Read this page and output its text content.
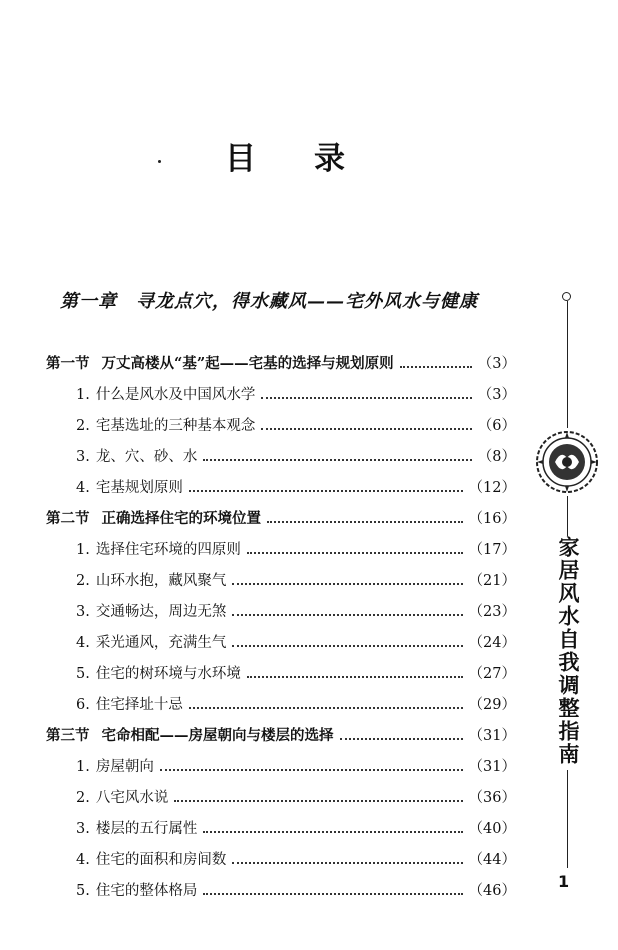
目 录
第一章　寻龙点穴，得水藏风——宅外风水与健康
第一节 万丈高楼从“基”起——宅基的选择与规划原则	（3）
1. 什么是风水及中国风水学	（3）
2. 宅基选址的三种基本观念	（6）
3. 龙、穴、砂、水	（8）
4. 宅基规划原则	（12）
第二节 正确选择住宅的环境位置	（16）
1. 选择住宅环境的四原则	（17）
2. 山环水抱，藏风聚气	（21）
3. 交通畅达，周边无煞	（23）
4. 采光通风，充满生气	（24）
5. 住宅的树环境与水环境	（27）
6. 住宅择址十忌	（29）
第三节 宅命相配——房屋朝向与楼层的选择	（31）
1. 房屋朝向	（31）
2. 八宅风水说	（36）
3. 楼层的五行属性	（40）
4. 住宅的面积和房间数	（44）
5. 住宅的整体格局	（46）
家居风水自我调整指南
1
